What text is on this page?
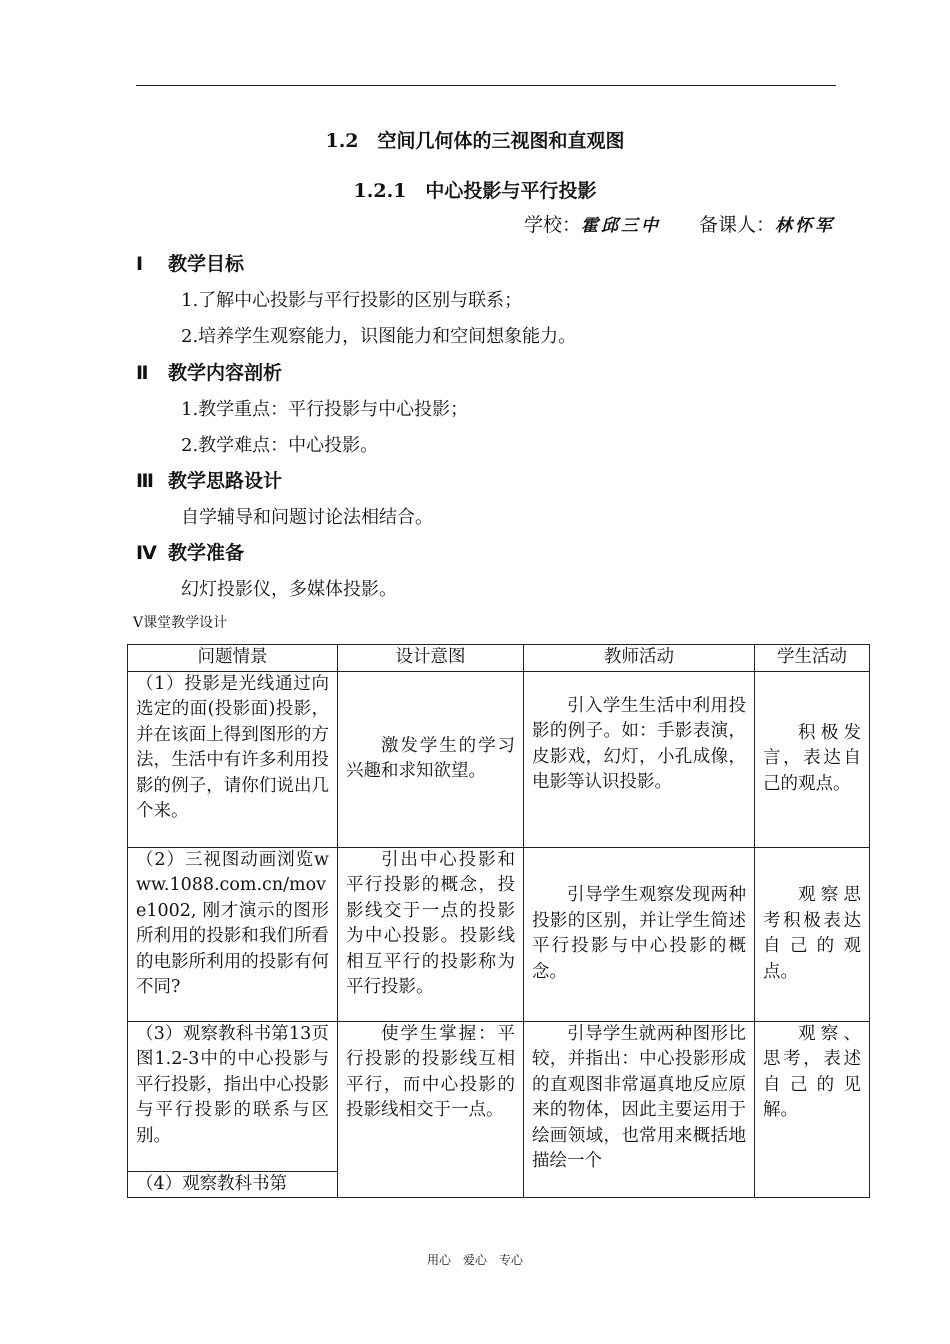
1.2　空间几何体的三视图和直观图
1.2.1　中心投影与平行投影
学校：霍邱三中 备课人：林怀军
Ⅰ 教学目标
1.了解中心投影与平行投影的区别与联系；
2.培养学生观察能力，识图能力和空间想象能力。
Ⅱ 教学内容剖析
1.教学重点：平行投影与中心投影；
2.教学难点：中心投影。
Ⅲ 教学思路设计
自学辅导和问题讨论法相结合。
Ⅳ 教学准备
幻灯投影仪，多媒体投影。
Ⅴ课堂教学设计
问题情景	设计意图	教师活动	学生活动
（1）投影是光线通过向选定的面(投影面)投影，并在该面上得到图形的方法，生活中有许多利用投影的例子，请你们说出几个来。	激发学生的学习兴趣和求知欲望。	引入学生生活中利用投影的例子。如：手影表演，皮影戏，幻灯，小孔成像，电影等认识投影。	积极发言，表达自己的观点。
（2）三视图动画浏览www.1088.com.cn/move1002, 刚才演示的图形所利用的投影和我们所看的电影所利用的投影有何不同?	引出中心投影和平行投影的概念，投影线交于一点的投影为中心投影。投影线相互平行的投影称为平行投影。	引导学生观察发现两种投影的区别，并让学生简述平行投影与中心投影的概念。	观察思考积极表达自己的观点。
（3）观察教科书第13页图1.2-3中的中心投影与平行投影，指出中心投影与平行投影的联系与区别。	使学生掌握：平行投影的投影线互相平行，而中心投影的投影线相交于一点。	引导学生就两种图形比较，并指出：中心投影形成的直观图非常逼真地反应原来的物体，因此主要运用于绘画领域，也常用来概括地描绘一个	观察、思考，表述自己的见解。
（4）观察教科书第			
用心　爱心　专心
